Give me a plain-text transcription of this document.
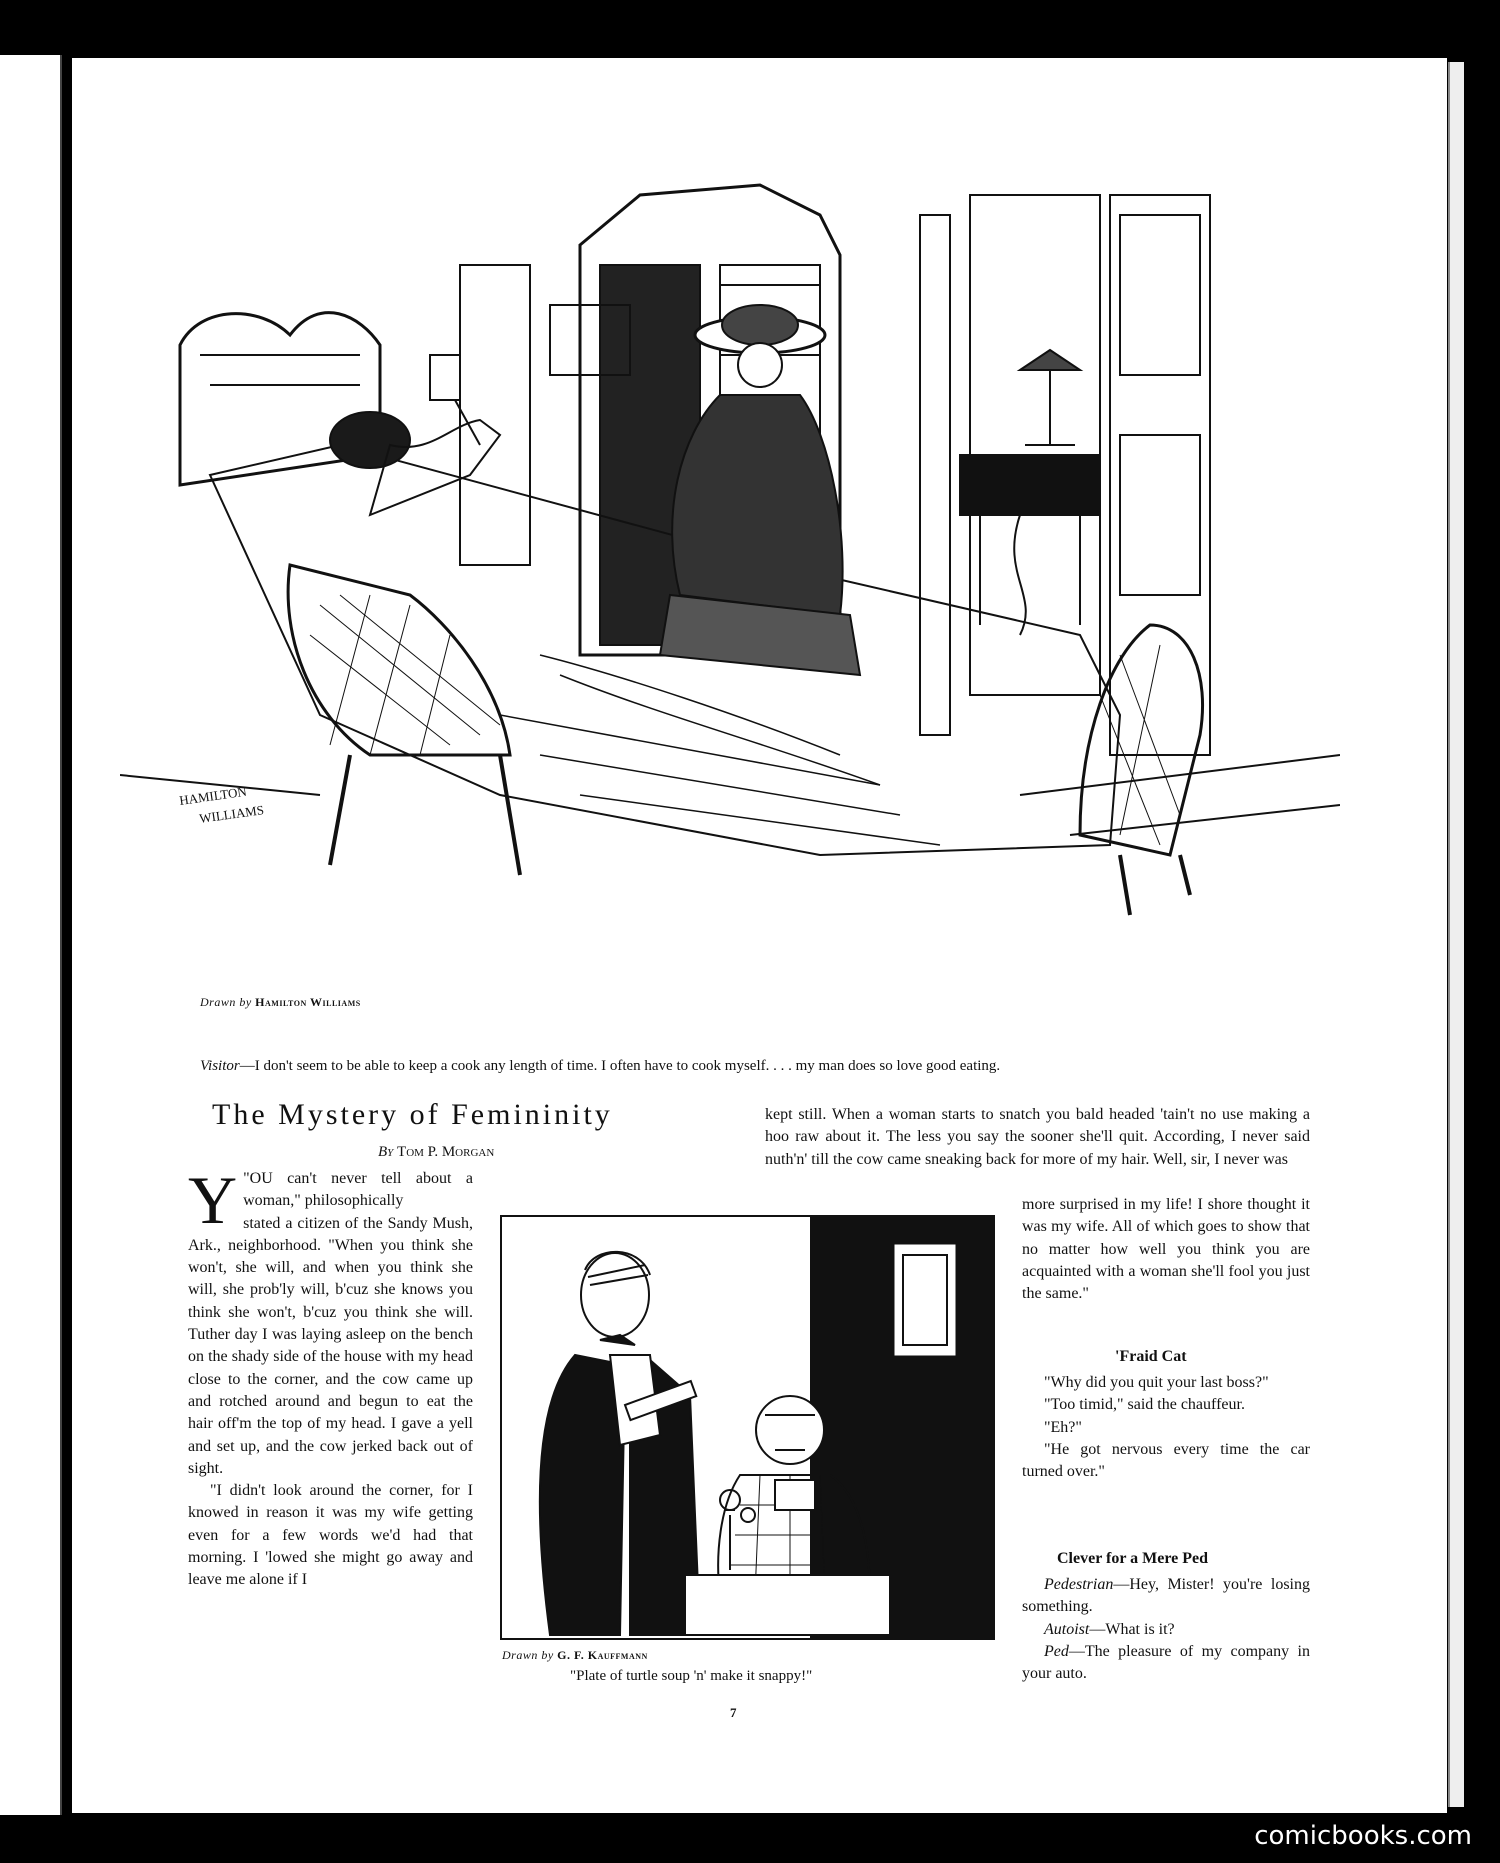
HAMILTON
WILLIAMS
Drawn by Hamilton Williams
Visitor—I don't seem to be able to keep a cook any length of time. I often have to cook myself. . . . my man does so love good eating.
The Mystery of Femininity
By Tom P. Morgan

"
Y OU can't never tell about a woman," philosophically
stated a citizen of the Sandy Mush, Ark., neighborhood. "When you think she won't, she will, and when you think she will, she prob'ly will, b'cuz she knows you think she won't, b'cuz you think she will. Tuther day I was laying asleep on the bench on the shady side of the house with my head close to the corner, and the cow came up and rotched around and begun to eat the hair off'm the top of my head. I gave a yell and set up, and the cow jerked back out of sight.

"I didn't look around the corner, for I knowed in reason it was my wife getting even for a few words we'd had that morning. I 'lowed she might go away and leave me alone if I

kept still. When a woman starts to snatch you bald headed 'tain't no use making a hoo raw about it. The less you say the sooner she'll quit. According, I never said nuth'n' till the cow came sneaking back for more of my hair. Well, sir, I never was

more surprised in my life! I shore thought it was my wife. All of which goes to show that no matter how well you think you are acquainted with a woman she'll fool you just the same."

'Fraid Cat

"Why did you quit your last boss?"

"Too timid," said the chauffeur.

"Eh?"

"He got nervous every time the car turned over."

Clever for a Mere Ped

Pedestrian—Hey, Mister! you're losing something.

Autoist—What is it?

Ped—The pleasure of my company in your auto.

Drawn by G. F. Kauffmann
"Plate of turtle soup 'n' make it snappy!"
7
comicbooks.com
